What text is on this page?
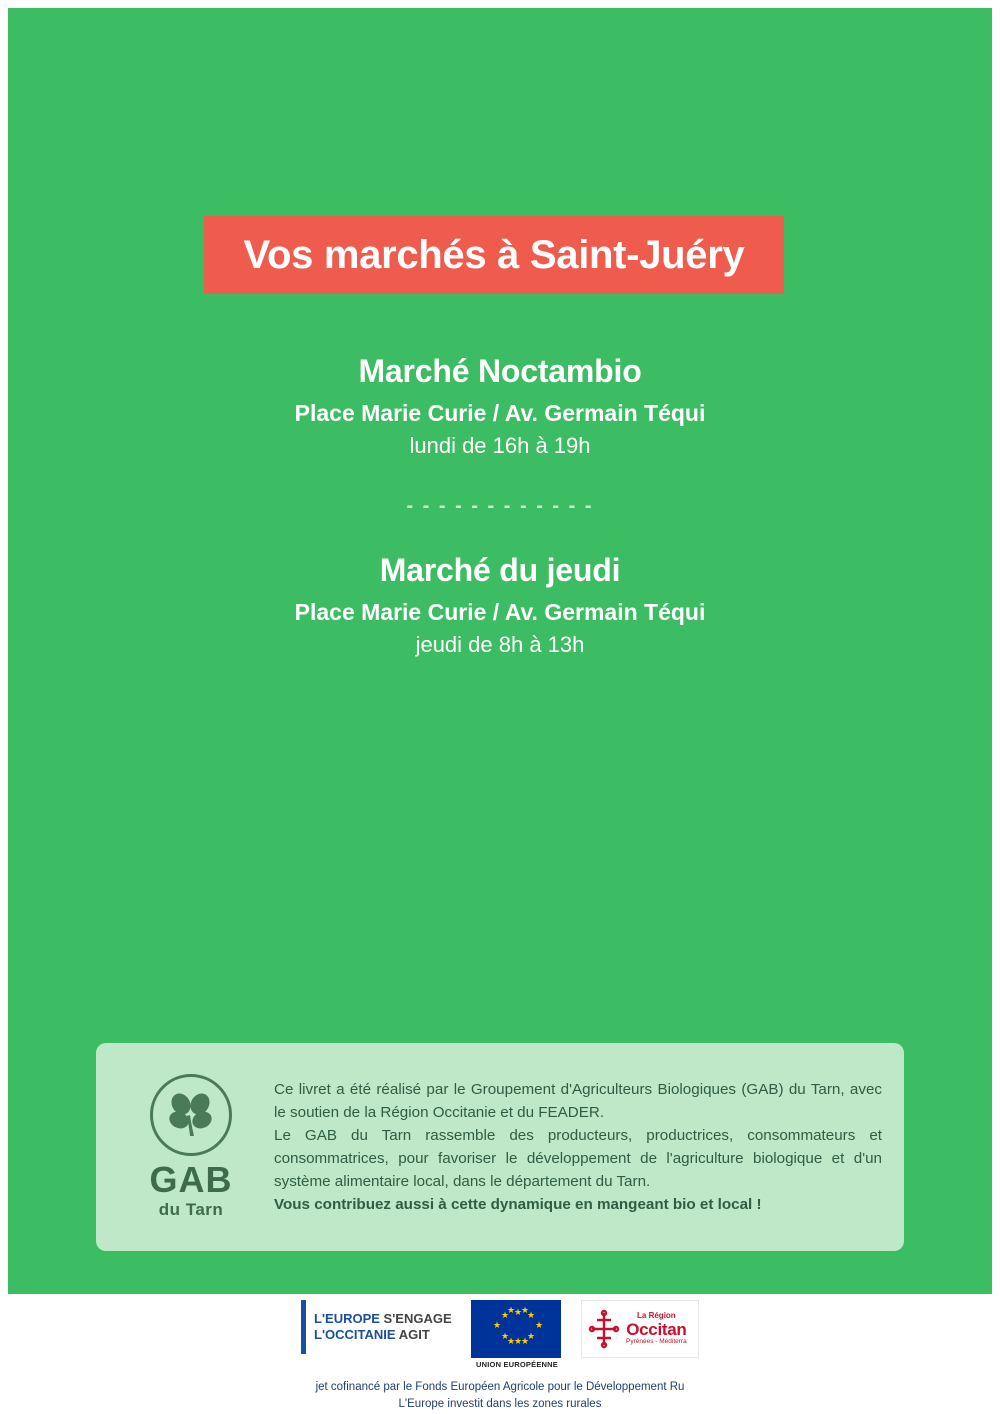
Vos marchés à Saint-Juéry

Marché Noctambio

Place Marie Curie / Av. Germain Téqui

lundi de 16h à 19h

- - - - - - - - - - - -

Marché du jeudi

Place Marie Curie / Av. Germain Téqui

jeudi de 8h à 13h

GAB
du Tarn

Ce livret a été réalisé par le Groupement d'Agriculteurs Biologiques (GAB) du Tarn, avec le soutien de la Région Occitanie et du FEADER.

Le GAB du Tarn rassemble des producteurs, productrices, consommateurs et consommatrices, pour favoriser le développement de l'agriculture biologique et d'un système alimentaire local, dans le département du Tarn.

Vous contribuez aussi à cette dynamique en mangeant bio et local !

L'EUROPE S'ENGAGE
L'OCCITANIE AGIT
★ ★
★
★
★
★
★
★
★ ★
★ ★
UNION EUROPÉENNE
La Région
Occitan
Pyrénées - Méditerra
jet cofinancé par le Fonds Européen Agricole pour le Développement Ru
L'Europe investit dans les zones rurales
